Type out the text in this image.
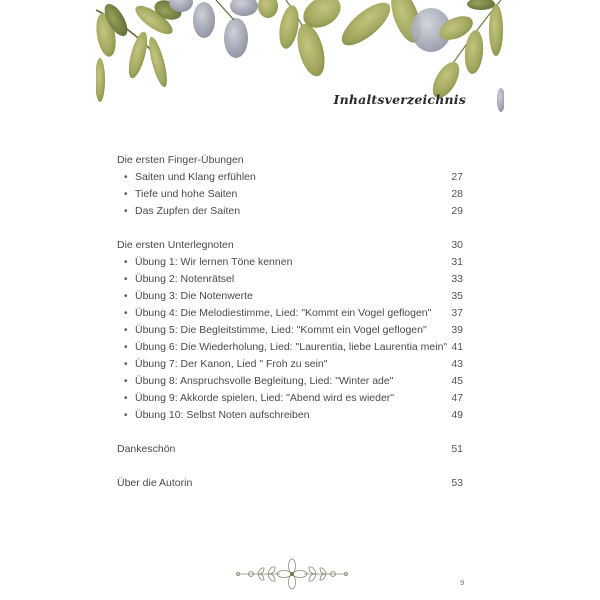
Inhaltsverzeichnis
Die ersten Finger-Übungen
• Saiten und Klang erfühlen	27
• Tiefe und hohe Saiten	28
• Das Zupfen der Saiten	29
Die ersten Unterlegnoten	30
• Übung 1: Wir lernen Töne kennen	31
• Übung 2: Notenrätsel	33
• Übung 3: Die Notenwerte	35
• Übung 4: Die Melodiestimme, Lied: "Kommt ein Vogel geflogen"	37
• Übung 5: Die Begleitstimme, Lied: "Kommt ein Vogel geflogen"	39
• Übung 6: Die Wiederholung, Lied: "Laurentia, liebe Laurentia mein" 41
• Übung 7: Der Kanon, Lied " Froh zu sein"	43
• Übung 8: Anspruchsvolle Begleitung, Lied: "Winter ade"	45
• Übung 9: Akkorde spielen, Lied: "Abend wird es wieder"	47
• Übung 10: Selbst Noten aufschreiben	49
Dankeschön	51
Über die Autorin	53
9
